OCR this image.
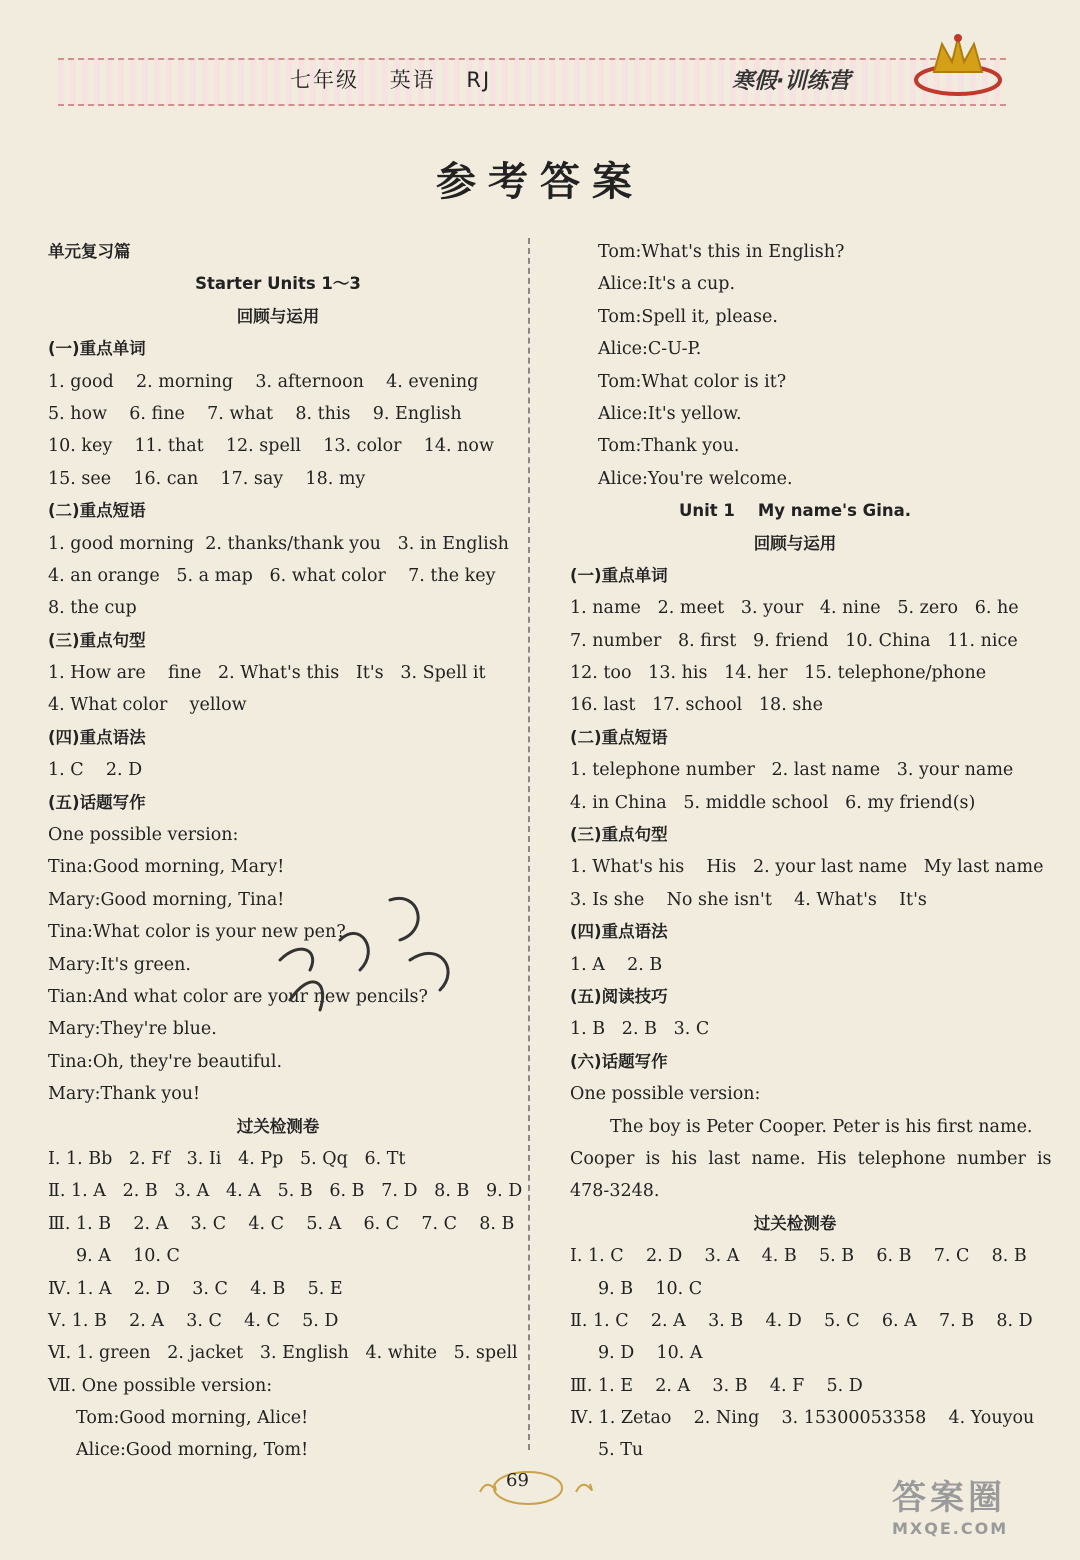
七年级 英语 RJ	寒假·训练营
参考答案
单元复习篇
Starter Units 1～3
回顾与运用
(一)重点单词
1. good    2. morning    3. afternoon    4. evening
5. how    6. fine    7. what    8. this    9. English
10. key    11. that    12. spell    13. color    14. now
15. see    16. can    17. say    18. my
(二)重点短语
1. good morning  2. thanks/thank you   3. in English
4. an orange   5. a map   6. what color    7. the key
8. the cup
(三)重点句型
1. How are    fine   2. What's this   It's   3. Spell it
4. What color    yellow
(四)重点语法
1. C    2. D
(五)话题写作
One possible version:
Tina:Good morning, Mary!
Mary:Good morning, Tina!
Tina:What color is your new pen?
Mary:It's green.
Tian:And what color are your new pencils?
Mary:They're blue.
Tina:Oh, they're beautiful.
Mary:Thank you!
过关检测卷
Ⅰ. 1. Bb   2. Ff   3. Ii   4. Pp   5. Qq   6. Tt
Ⅱ. 1. A   2. B   3. A   4. A   5. B   6. B   7. D   8. B   9. D
Ⅲ. 1. B    2. A    3. C    4. C    5. A    6. C    7. C    8. B
9. A    10. C
Ⅳ. 1. A    2. D    3. C    4. B    5. E
Ⅴ. 1. B    2. A    3. C    4. C    5. D
Ⅵ. 1. green   2. jacket   3. English   4. white   5. spell
Ⅶ. One possible version:
Tom:Good morning, Alice!
Alice:Good morning, Tom!
Tom:What's this in English?
Alice:It's a cup.
Tom:Spell it, please.
Alice:C-U-P.
Tom:What color is it?
Alice:It's yellow.
Tom:Thank you.
Alice:You're welcome.
Unit 1    My name's Gina.
回顾与运用
(一)重点单词
1. name   2. meet   3. your   4. nine   5. zero   6. he
7. number   8. first   9. friend   10. China   11. nice
12. too   13. his   14. her   15. telephone/phone
16. last   17. school   18. she
(二)重点短语
1. telephone number   2. last name   3. your name
4. in China   5. middle school   6. my friend(s)
(三)重点句型
1. What's his    His   2. your last name   My last name
3. Is she    No she isn't    4. What's    It's
(四)重点语法
1. A    2. B
(五)阅读技巧
1. B   2. B   3. C
(六)话题写作
One possible version:
The boy is Peter Cooper. Peter is his first name.
Cooper  is  his  last  name.  His  telephone  number  is
478-3248.
过关检测卷
Ⅰ. 1. C    2. D    3. A    4. B    5. B    6. B    7. C    8. B
9. B    10. C
Ⅱ. 1. C    2. A    3. B    4. D    5. C    6. A    7. B    8. D
9. D    10. A
Ⅲ. 1. E    2. A    3. B    4. F    5. D
Ⅳ. 1. Zetao    2. Ning    3. 15300053358    4. Youyou
5. Tu
69	答案圈
MXQE.COM
